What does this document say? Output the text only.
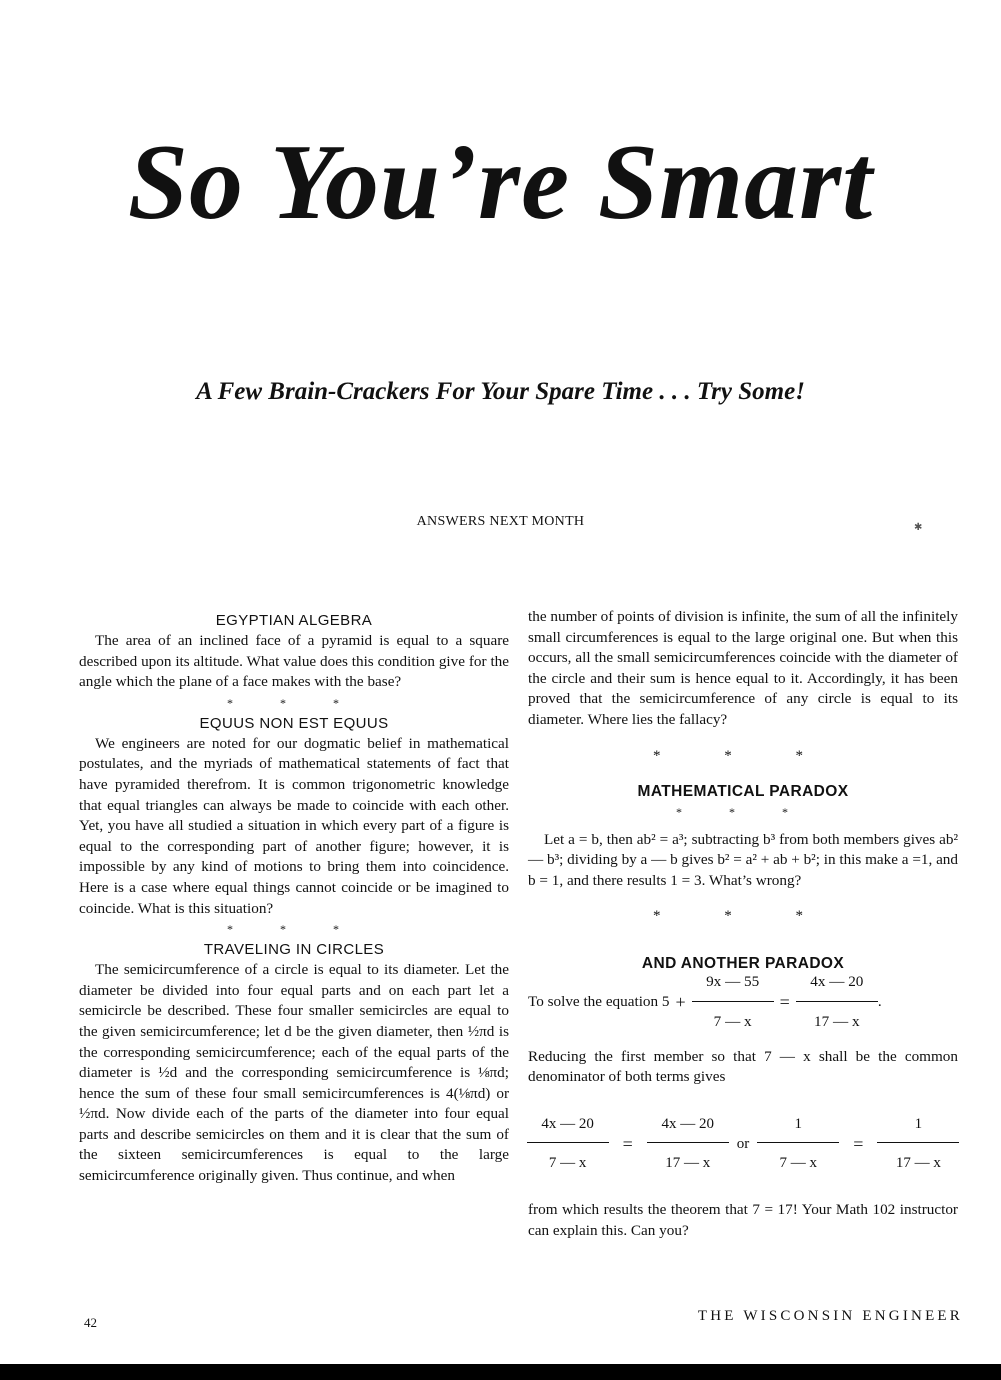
So You’re Smart
A Few Brain-Crackers For Your Spare Time . . . Try Some!
ANSWERS NEXT MONTH	✱
EGYPTIAN ALGEBRA

The area of an inclined face of a pyramid is equal to a square described upon its altitude. What value does this condition give for the angle which the plane of a face makes with the base?

* * *
EQUUS NON EST EQUUS

We engineers are noted for our dogmatic belief in mathematical postulates, and the myriads of mathematical statements of fact that have pyramided therefrom. It is common trigonometric knowledge that equal triangles can always be made to coincide with each other. Yet, you have all studied a situation in which every part of a figure is equal to the corresponding part of another figure; however, it is impossible by any kind of motions to bring them into coincidence. Here is a case where equal things cannot coincide or be imagined to coincide. What is this situation?

* * *
TRAVELING IN CIRCLES

The semicircumference of a circle is equal to its diameter. Let the diameter be divided into four equal parts and on each part let a semicircle be described. These four smaller semicircles are equal to the given semicircumference; let d be the given diameter, then ½πd is the corresponding semicircumference; each of the equal parts of the diameter is ½d and the corresponding semicircumference is ⅛πd; hence the sum of these four small semicircumferences is 4(⅛πd) or ½πd. Now divide each of the parts of the diameter into four equal parts and describe semicircles on them and it is clear that the sum of the sixteen semicircumferences is equal to the large semicircumference originally given. Thus continue, and when

the number of points of division is infinite, the sum of all the infinitely small circumferences is equal to the large original one. But when this occurs, all the small semicircumferences coincide with the diameter of the circle and their sum is hence equal to it. Accordingly, it has been proved that the semicircumference of any circle is equal to its diameter. Where lies the fallacy?

* * *
MATHEMATICAL PARADOX
* * *

Let a = b, then ab² = a³; subtracting b³ from both members gives ab² — b³; dividing by a — b gives b² = a² + ab + b²; in this make a =1, and b = 1, and there results 1 = 3. What’s wrong?

* * *
AND ANOTHER PARADOX
To solve the equation $5 + \frac{9x — 55}{7 — x} = \frac{4x — 20}{17 — x}$ .

Reducing the first member so that 7 — x shall be the common denominator of both terms gives

$\frac{4x — 20}{7 — x} = \frac{4x — 20}{17 — x}$ or $\frac{1}{7 — x} = \frac{1}{17 — x}$

from which results the theorem that 7 = 17! Your Math 102 instructor can explain this. Can you?

42	THE WISCONSIN ENGINEER
